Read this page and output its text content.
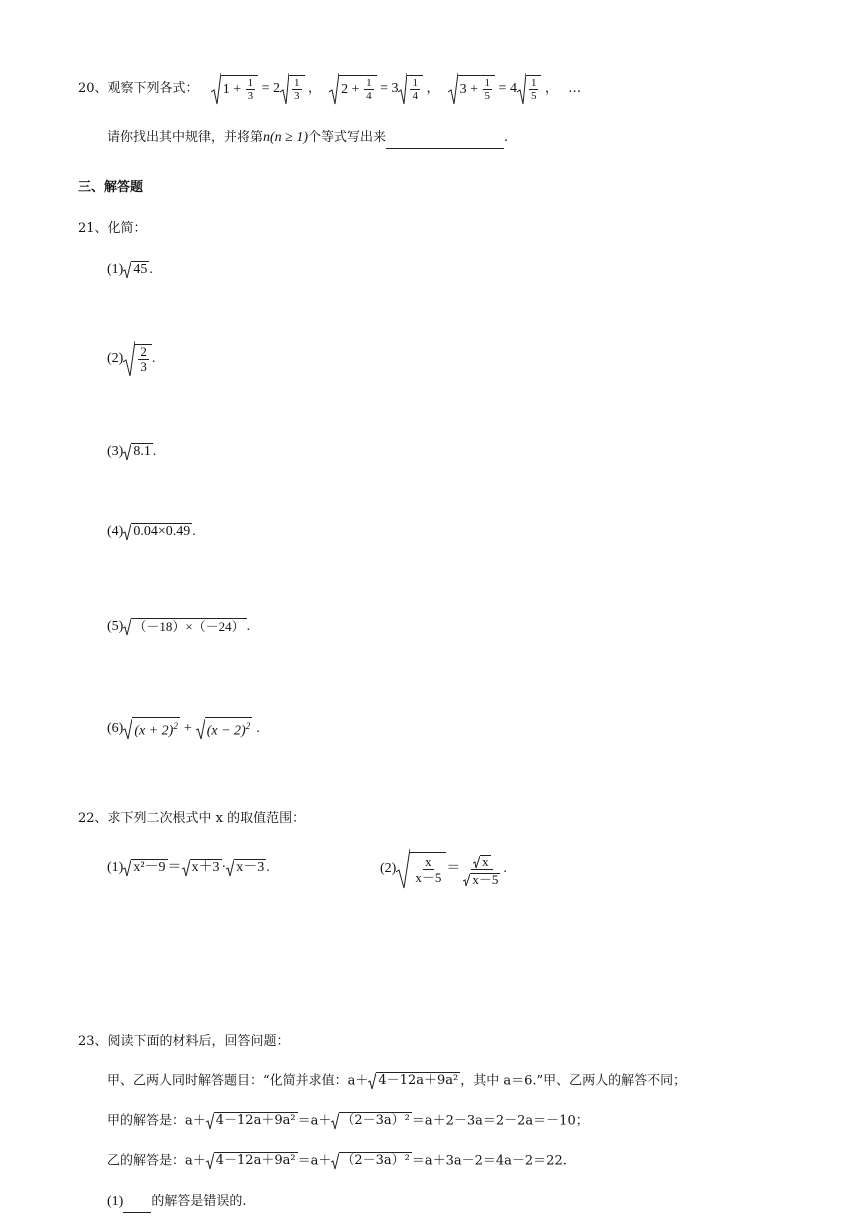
20、观察下列各式： $1 + \frac{1}{3} = 2 \frac{1}{3}$ ， $2 + \frac{1}{4} = 3 \frac{1}{4}$ ， $3 + \frac{1}{5} = 4 \frac{1}{5}$ ， …
请你找出其中规律，并将第n(n ≥ 1)个等式写出来	.
三、解答题
21、化简：
(1) 45 .
$(2) \frac{2}{3}$ .
(3) 8.1 .
(4) 0.04×0.49 .
(5) （－18）×（－24） .
(6) $(x + 2)^2 + (x - 2)^2$ .
22、求下列二次根式中 x 的取值范围：
(1) x²－9 ＝ x＋3 · x－3 .	$(2) \frac{x}{x-5} = \frac{x}{x-5}$ .
23、阅读下面的材料后，回答问题：
甲、乙两人同时解答题目：“化简并求值：a＋ 4－12a＋9a² ，其中 a＝6.”甲、乙两人的解答不同；
甲的解答是：a＋ 4－12a＋9a² ＝a＋ （2－3a）² ＝a＋2－3a＝2－2a＝－10；
乙的解答是：a＋ 4－12a＋9a² ＝a＋ （2－3a）² ＝a＋3a－2＝4a－2＝22.
(1) 的解答是错误的.
